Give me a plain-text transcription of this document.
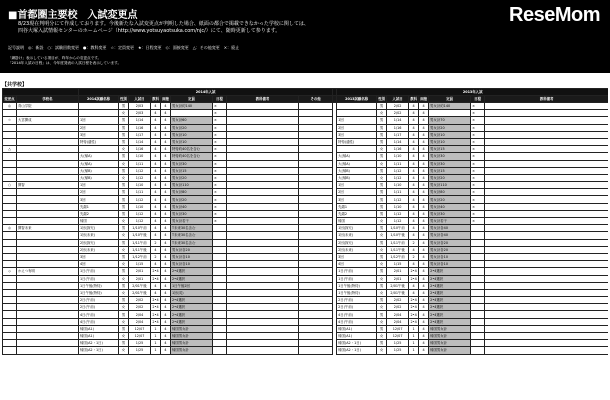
■首都圏主要校　入試変更点	ReseMom
8/23現在判明分にて作成しております。今後新たな入試変更点が判明した場合、紙面の都合で掲載できなかった学校に関しては、
四谷大塚入試情報センターのホームページ（http://www.yotsuyaotsuka.com/njc/）にて、随時更新して参ります。
記号説明　◎：新設　○：試験回数変更　●：教科変更　☆：定員変更　★：日程変更　◇：面接変更　△：その他変更　×：廃止
「網掛け」表示している項目が、昨年からの変更点です。
「2014年入試の日程」は、今年度発表の入試日程を表示しています。
【共学校】
		2014年入試										2013年入試							
変更点	学校名	2014試験名称	性別	入試日	教科	面接	定員	日程	教科備考	その他		2013試験名称	性別	入試日	教科	面接	定員	日程	教科備考
◎	青山学院		男	2/03	4	4	男女計約140	×					男	2/02	4	4	男女計約140	×	
			女	2/03	4	4		×					女	2/02	4	4		×	
☆	大宮開成	1回	男	1/14	4	4	男女計60	×				1回	男	1/14	4	4	男女計70	×	
		2回	男	1/16	4	4	男女計20	×				2回	男	1/16	4	4	男女計20	×	
		3回	男	1/17	4	4	男女計10	×				3回	男	1/17	4	4	男女計10	×	
		特待(適性)	男	1/14	4	4	男女計10	×				特待(適性)	男	1/14	4	4	男女計10	×	
△			女	1/16	4	4	特待約40名を含む	×					女	1/16	4	4	男女計15	×	
		大(帰A)	男	1/10	4	4	特待約40名を含む	×				大(帰A)	男	1/10	4	4	男女計30	×	
		大(帰A)	女	1/11	4	4	男女計30	×				大(帰A)	女	1/11	4	4	男女計30	×	
		大(帰B)	男	1/12	4	4	男女計15	×				大(帰B)	男	1/12	4	4	男女計15	×	
		大(帰B)	女	1/12	4	4	男女計20	×				大(帰B)	女	1/12	4	4	男女計20	×	
○	開智	1回	男	1/10	4	4	男女計110	×				1回	男	1/10	4	4	男女計110	×	
		2回	男	1/11	4	4	男女計80	×				2回	男	1/11	4	4	男女計80	×	
		3回	男	1/12	4	4	男女計20	×				3回	男	1/12	4	4	男女計20	×	
		先端1	男	1/10	4	4	男女計40	×				先端1	男	1/10	4	4	男女計40	×	
		先端2	男	1/12	4	4	男女計30	×				先端2	男	1/12	4	4	男女計30	×	
		帰国	女	1/12	4	4	男女計若干	×				帰国	女	1/12	4	4	男女計若干	×	
◎	開智未来	1回(探究)	男	1/10午前	4	4	T未来30名含む					1回(探究)	男	1/10午前	4	4	男女計各40		
		1回(未来)	女	1/10午後	4	4	T未来30名含む					1回(未来)	女	1/10午後	4	4	男女計各40		
		2回(探究)	男	1/11午前	2	4	T未来30名含む					2回(探究)	男	1/11午前	2	4	男女計各20		
		2回(未来)	女	1/11午後	4	4	男女計各20					2回(未来)	女	1/11午後	4	4	男女計各20		
		3回	男	1/12午前	2	4	男女計各10					3回	男	1/12午前	2	4	男女計各10		
		4回	女	1/15	4	4	男女計各10					4回	女	1/15	4	4	男女計各10		
◇	かえつ有明	1日(午前)	男	2/01	2•4	4	2•4選択					1日(午前)	男	2/01	2•4	4	2•4選択		
		1日(午前)	女	2/01	2•4	4	2•4選択					1日(午前)	女	2/01	2•4	4	2•4選択		
		1日午後(特待)	男	2/01午後	4	4	1日午後2回					1日午後(特待)	男	2/01午後	4	4	2•4選択		
		1日午後(特待)	女	2/01午後	4	4	1回(英)					1日午後(特待)	女	2/01午後	4	4	2•4選択		
		2日(午前)	男	2/02	2•4	4	2•4選択					2日(午前)	男	2/02	2•4	4	2•4選択		
		2日(午前)	女	2/02	2•4	4	2•4選択					2日(午前)	女	2/02	2•4	4	2•4選択		
		4日(午前)	男	2/04	2•4	4	2•4選択					4日(午前)	男	2/04	2•4	4	2•4選択		
		4日(午前)	女	2/04	2•4	4	2•4選択					4日(午前)	女	2/04	2•4	4	2•4選択		
		帰国(A1)	男	12/07	1	4	帰国男女計					帰国(A1)	男	12/07	1	4	帰国男女計		
		帰国(A1)	女	12/07	1	4	帰国男女計					帰国(A1)	女	12/07	1	4	帰国男女計		
		帰国(A2・1日)	男	1/25	1	4	帰国男女計					帰国(A2・1日)	男	1/25	1	4	帰国男女計		
		帰国(A2・1日)	女	1/25	1	4	帰国男女計					帰国(A2・1日)	女	1/25	1	4	帰国男女計		
